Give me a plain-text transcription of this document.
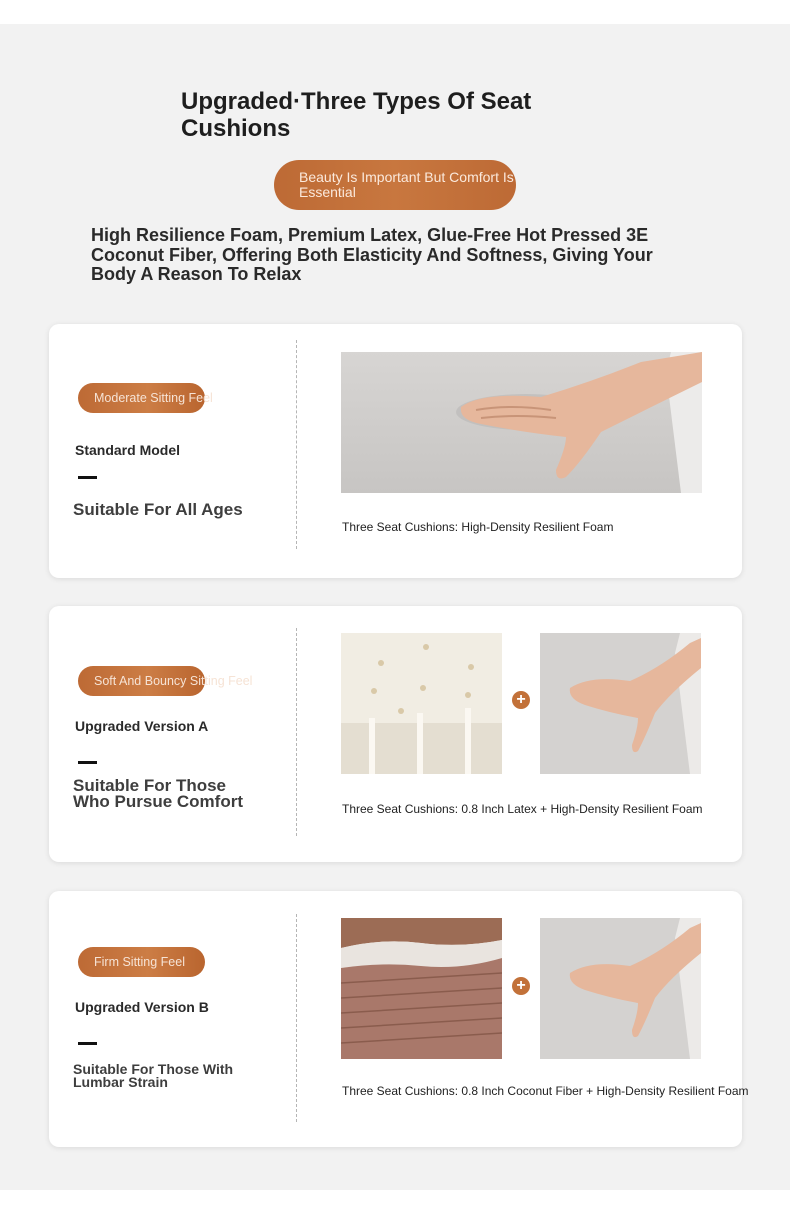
Upgraded·Three Types Of Seat Cushions
Beauty Is Important But Comfort Is Essential
High Resilience Foam, Premium Latex, Glue-Free Hot Pressed 3E Coconut Fiber, Offering Both Elasticity And Softness, Giving Your Body A Reason To Relax
Moderate Sitting Feel
Standard Model
Suitable For All Ages
Three Seat Cushions: High-Density Resilient Foam
Soft And Bouncy Sitting Feel
Upgraded Version A
Suitable For Those Who Pursue Comfort
+
Three Seat Cushions: 0.8 Inch Latex + High-Density Resilient Foam
Firm Sitting Feel
Upgraded Version B
Suitable For Those With Lumbar Strain
+
Three Seat Cushions: 0.8 Inch Coconut Fiber + High-Density Resilient Foam
